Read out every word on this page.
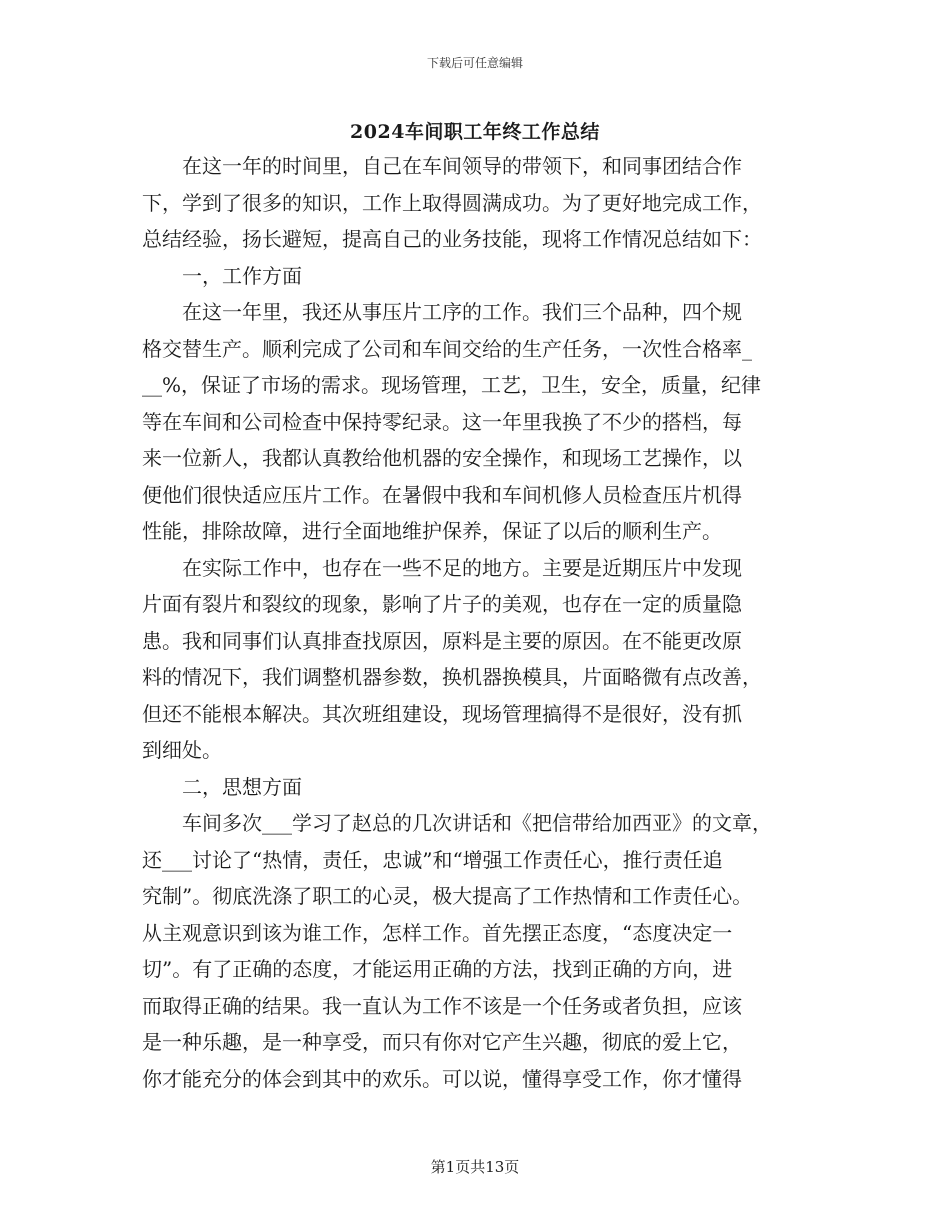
下载后可任意编辑
2024车间职工年终工作总结
　　在这一年的时间里，自己在车间领导的带领下，和同事团结合作
下，学到了很多的知识，工作上取得圆满成功。为了更好地完成工作，
总结经验，扬长避短，提高自己的业务技能，现将工作情况总结如下：
　　一，工作方面
　　在这一年里，我还从事压片工序的工作。我们三个品种，四个规
格交替生产。顺利完成了公司和车间交给的生产任务，一次性合格率_
__%，保证了市场的需求。现场管理，工艺，卫生，安全，质量，纪律
等在车间和公司检查中保持零纪录。这一年里我换了不少的搭档，每
来一位新人，我都认真教给他机器的安全操作，和现场工艺操作，以
便他们很快适应压片工作。在暑假中我和车间机修人员检查压片机得
性能，排除故障，进行全面地维护保养，保证了以后的顺利生产。
　　在实际工作中，也存在一些不足的地方。主要是近期压片中发现
片面有裂片和裂纹的现象，影响了片子的美观，也存在一定的质量隐
患。我和同事们认真排查找原因，原料是主要的原因。在不能更改原
料的情况下，我们调整机器参数，换机器换模具，片面略微有点改善，
但还不能根本解决。其次班组建设，现场管理搞得不是很好，没有抓
到细处。
　　二，思想方面
　　车间多次___学习了赵总的几次讲话和《把信带给加西亚》的文章，
还___讨论了“热情，责任，忠诚”和“增强工作责任心，推行责任追
究制”。彻底洗涤了职工的心灵，极大提高了工作热情和工作责任心。
从主观意识到该为谁工作，怎样工作。首先摆正态度，“态度决定一
切”。有了正确的态度，才能运用正确的方法，找到正确的方向，进
而取得正确的结果。我一直认为工作不该是一个任务或者负担，应该
是一种乐趣，是一种享受，而只有你对它产生兴趣，彻底的爱上它，
你才能充分的体会到其中的欢乐。可以说，懂得享受工作，你才懂得
第1页共13页
